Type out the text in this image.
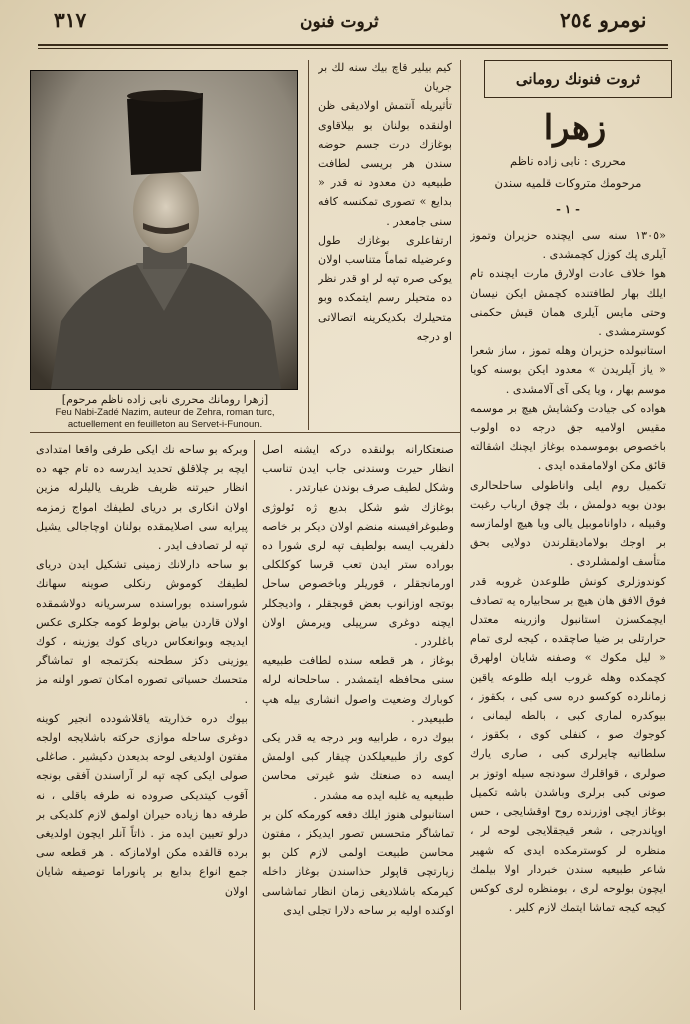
٣١٧	ثروت فنون	نومرو ٢٥٤
[زهرا رومانك محرری نابی زاده ناظم مرحوم]
Feu Nabi-Zadé Nazim, auteur de Zehra, roman turc,
actuellement en feuilleton au Servet-i-Funoun.
ثروت فنونك رومانی
زهرا
محرری : نابی زاده ناظم
مرحومك متروكات قلمیه سندن
- ١ -

«١٣٠٥ سنه سی ایچنده حزیران وتموز آیلری پك كوزل كچمشدی .

هوا خلاف عادت اولارق مارت ایچنده تام ایلك بهار لطافتنده كچمش ایكن نیسان وحتی مایس آیلری همان قیش حكمنی كوسترمشدی .

استانبولده حزیران وهله تموز ، ساز شعرا « یاز آیلریدن » معدود ایكن بوسنه كویا موسم بهار ، ویا یكی آی آلامشدی .

هواده كی جیادت وكشایش هیچ بر موسمه مقیس اولامیه جق درجه ده اولوب باخصوص بوموسمده بوغاز ایچنك اشقالته قائق مكن اولامامقده ایدی .

تكمیل روم ایلی واناطولی ساحلحالری بودن بویه دولمش ، بك چوق ارباب رغبت وقبیله ، داواناموبیل یالی ویا هیچ اولمازسه بر اوجك بولامادیقلرندن دولایی بحق متأسف اولمشلردی .

كوندوزلری كونش طلوعدن غروبه قدر فوق الافق هان هیچ بر سحابیاره یه تصادف ایچمكسزن استانبول وازرینه معتدل حرارتلی بر ضیا صاچقده ، كیجه لری تمام « لیل مكوك » وصفنه شایان اولهرق كچمكده وهله غروب ایله طلوعه یاقین زمانلرده كوكسو دره سی كبی ، بكقوز ، بیوكدره لماری كبی ، بالطه لیمانی ، كوجوك صو ، كنفلی كوی ، بكقوز ، سلطانیه چایرلری كبی ، صاری یارك صولری ، قواقلرك سودنجه سیله اوتوز بر صونی كبی برلری وباشدن باشه تكمیل بوغاز ایچی اوزرنده روح اوقشایجی ، حس اوپاندرجی ، شعر قیجقلایجی لوحه لر ، منظره لر كوسترمكده ایدی كه شهیر شاعر طبیعیه سندن خبردار اولا بیلمك ایچون بولوحه لری ، بومنظره لری كوكس كیجه كیجه تماشا ایتمك لازم كلیر .

كیم بیلیر قاچ بیك سنه لك بر جریان

تأثیریله آنتمش اولادیقی ظن اولنقده بولنان بو بیلاقاوی بوغازك درت جسم حوضه سندن هر بریسی لطافت طبیعیه دن معدود نه قدر « بدایع » تصوری تمكنسه كافه سنی جامعدر .

ارتفاعلری بوغازك طول وعرضیله تماماً متناسب اولان یوكی صره تپه لر او قدر نظر ده متحیلر رسم ایتمكده وبو متحیلرك بكدیكرینه اتصالاتی او درجه

صنعتكارانه بولنقده دركه ایشنه اصل انظار حیرت وسندنی جاب ایدن تناسب وشكل لطیف صرف بوندن عبارتدر .

بوغازك شو شكل بدیع ژه ئولوژی وطبوغرافیسنه منضم اولان دیكر بر خاصه دلفریب ایسه بولطیف تپه لری شورا ده بوراده ستر ایدن تعب قرسا كوكلكلی اورمانجقلر ، قوریلر وباخصوص ساحل بوتجه اوزانوب بعض قوبجقلر ، وادیجكلر ایچنه دوغری سرپیلی ویرمش اولان باغلردر .

بوغاز ، هر قطعه سنده لطافت طبیعیه سنی محافظه ایتمشدر . ساحلحانه لرله كوبارك وضعیت واصول انشاری بیله هپ طبیعیدر .

بیوك دره ، طرابیه وبر درجه یه قدر یكی كوی راز طبیعیلكدن چیقار كبی اولمش ایسه ده صنعتك شو غیرتی محاسن طبیعیه یه غلبه ایده مه مشدر .

استانبولی هنوز ایلك دفعه كورمكه كلن بر تماشاگر متحسس تصور ایدیكز ، مفتون محاسن طبیعت اولمی لازم كلن بو زیارتچی قاپولر حذاسندن بوغاز داخله كیرمكه باشلادیغی زمان انظار تماشاسی اوكنده اولیه بر ساحه دلارا تجلی ایدی

وبركه بو ساحه نك ایكی طرفی واقعا امتدادی ایچه بر چلاقلق تحدید ایدرسه ده تام جهه ده انظار حیرتنه ظریف ظریف یالیلرله مزین اولان انكاری بر دریای لطیفك امواج زمزمه پیرایه سی اصلایمقده بولنان اوچاجالی یشیل تپه لر تصادف ایدر .

بو ساحه دارلانك زمینی تشكیل ایدن دریای لطیفك كوموش رنكلی صوینه سهانك شوراسنده بوراسنده سرسریانه دولاشمقده اولان قاردن بیاض بولوط كومه جكلری عكس ایدیجه وبوانعكاس دریای كوك یوزینه ، كوك یوزینی دكز سطحنه بكزتمجه او تماشاگر متحسك حسیاتی تصوره امكان تصور اولنه مز .

بیوك دره خذاریته یاقلاشودده انجیر كوینه دوغری ساحله موازی حركته باشلایجه اولجه مفتون اولدیغی لوحه بدیعدن دكیشیر . صاغلی صولی ایكی كچه تپه لر آراسندن آفقی بونجه آقوب كیتدیكی صروده نه طرفه باقلی ، نه طرفه دها زیاده حیران اولمق لازم كلدیكی بر درلو تعیین ایده مز . ذاتاً آنلر ایچون اولدیغی برده قالقده مكن اولامازكه . هر قطعه سی جمع انواع بدایع بر پانوراما توصیفه شایان اولان
